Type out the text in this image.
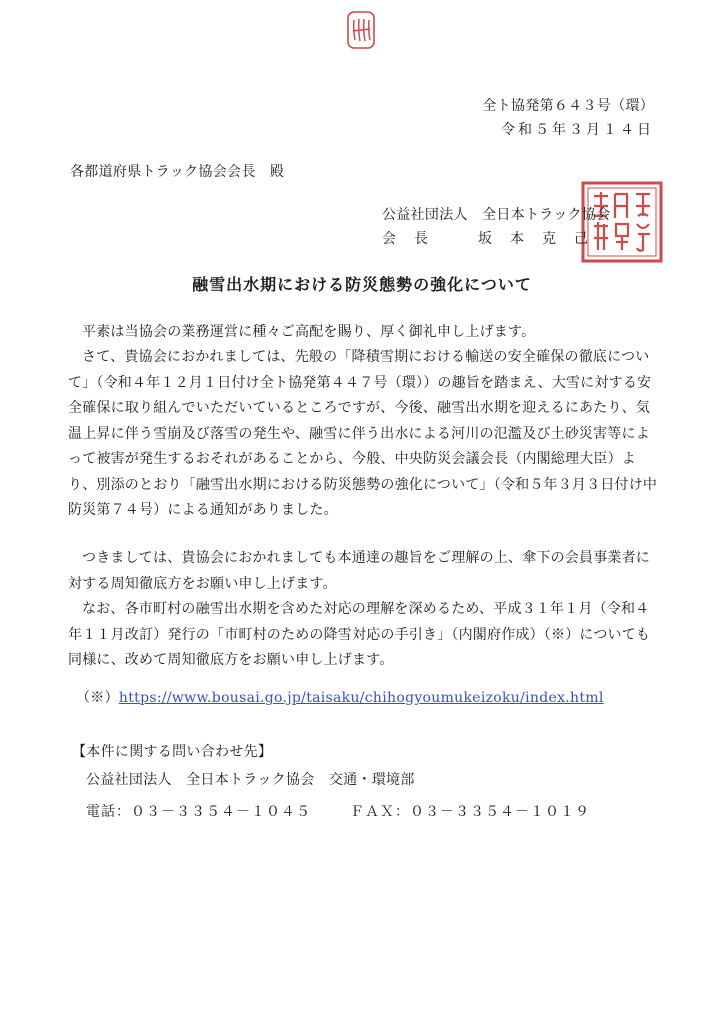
全ト協発第６４３号（環）
令和５年３月１４日
各都道府県トラック協会会長　殿
公益社団法人　全日本トラック協会
会　長	坂　本　克　己
融雪出水期における防災態勢の強化について

平素は当協会の業務運営に種々ご高配を賜り、厚く御礼申し上げます。

さて、貴協会におかれましては、先般の「降積雪期における輸送の安全確保の徹底について」（令和４年１２月１日付け全ト協発第４４７号（環））の趣旨を踏まえ、大雪に対する安全確保に取り組んでいただいているところですが、今後、融雪出水期を迎えるにあたり、気温上昇に伴う雪崩及び落雪の発生や、融雪に伴う出水による河川の氾濫及び土砂災害等によって被害が発生するおそれがあることから、今般、中央防災会議会長（内閣総理大臣）より、別添のとおり「融雪出水期における防災態勢の強化について」（令和５年３月３日付け中防災第７４号）による通知がありました。

つきましては、貴協会におかれましても本通達の趣旨をご理解の上、傘下の会員事業者に対する周知徹底方をお願い申し上げます。

なお、各市町村の融雪出水期を含めた対応の理解を深めるため、平成３１年１月（令和４年１１月改訂）発行の「市町村のための降雪対応の手引き」（内閣府作成）（※）についても同様に、改めて周知徹底方をお願い申し上げます。

（※）https://www.bousai.go.jp/taisaku/chihogyoumukeizoku/index.html
【本件に関する問い合わせ先】
公益社団法人　全日本トラック協会　交通・環境部
電話：０３－３３５４－１０４５	ＦＡＸ：０３－３３５４－１０１９
